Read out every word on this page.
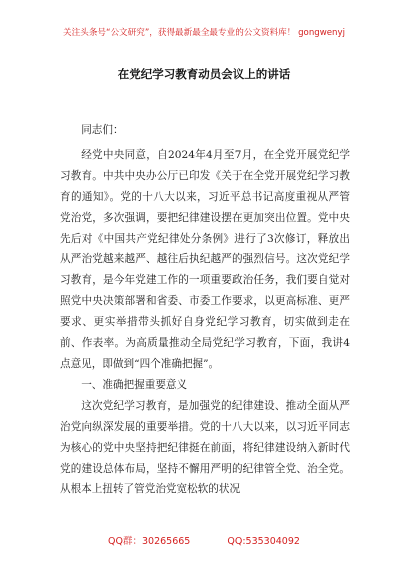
关注头条号“公文研究”，获得最新最全最专业的公文资料库！ gongwenyj
在党纪学习教育动员会议上的讲话

同志们：

经党中央同意，自2024年4月至7月，在全党开展党纪学习教育。中共中央办公厅已印发《关于在全党开展党纪学习教育的通知》。党的十八大以来，习近平总书记高度重视从严管党治党，多次强调，要把纪律建设摆在更加突出位置。党中央先后对《中国共产党纪律处分条例》进行了3次修订，释放出从严治党越来越严、越往后执纪越严的强烈信号。这次党纪学习教育，是今年党建工作的一项重要政治任务，我们要自觉对照党中央决策部署和省委、市委工作要求，以更高标准、更严要求、更实举措带头抓好自身党纪学习教育，切实做到走在前、作表率。为高质量推动全局党纪学习教育，下面，我讲4点意见，即做到“四个准确把握”。

一、准确把握重要意义

这次党纪学习教育，是加强党的纪律建设、推动全面从严治党向纵深发展的重要举措。党的十八大以来，以习近平同志为核心的党中央坚持把纪律挺在前面，将纪律建设纳入新时代党的建设总体布局，坚持不懈用严明的纪律管全党、治全党。从根本上扭转了管党治党宽松软的状况

QQ群：30265665	QQ:535304092
